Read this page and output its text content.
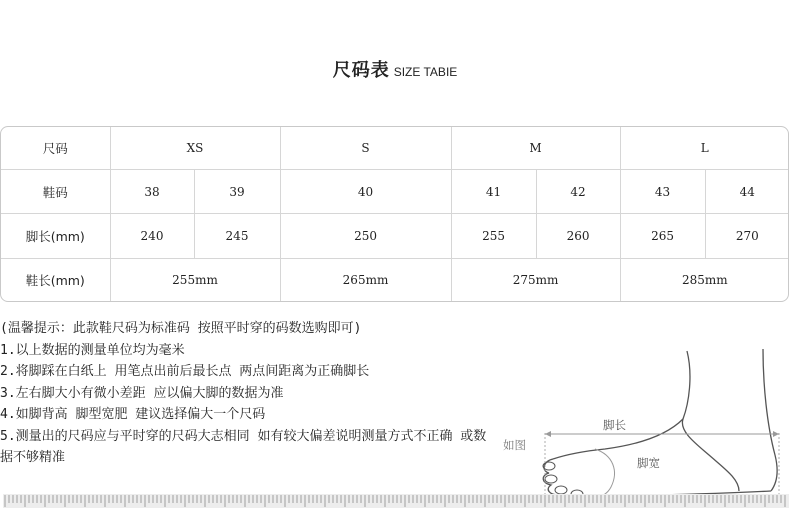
尺码表 SIZE TABIE
尺码	XS		S	M		L	
鞋码	38	39	40	41	42	43	44
脚长(mm)	240	245	250	255	260	265	270
鞋长(mm)	255mm		265mm	275mm		285mm	
(温馨提示：此款鞋尺码为标准码 按照平时穿的码数选购即可)
1.以上数据的测量单位均为毫米
2.将脚踩在白纸上 用笔点出前后最长点 两点间距离为正确脚长
3.左右脚大小有微小差距 应以偏大脚的数据为准
4.如脚背高 脚型宽肥 建议选择偏大一个尺码
5.测量出的尺码应与平时穿的尺码大志相同 如有较大偏差说明测量方式不正确 或数据不够精准
脚长
脚宽
如图
